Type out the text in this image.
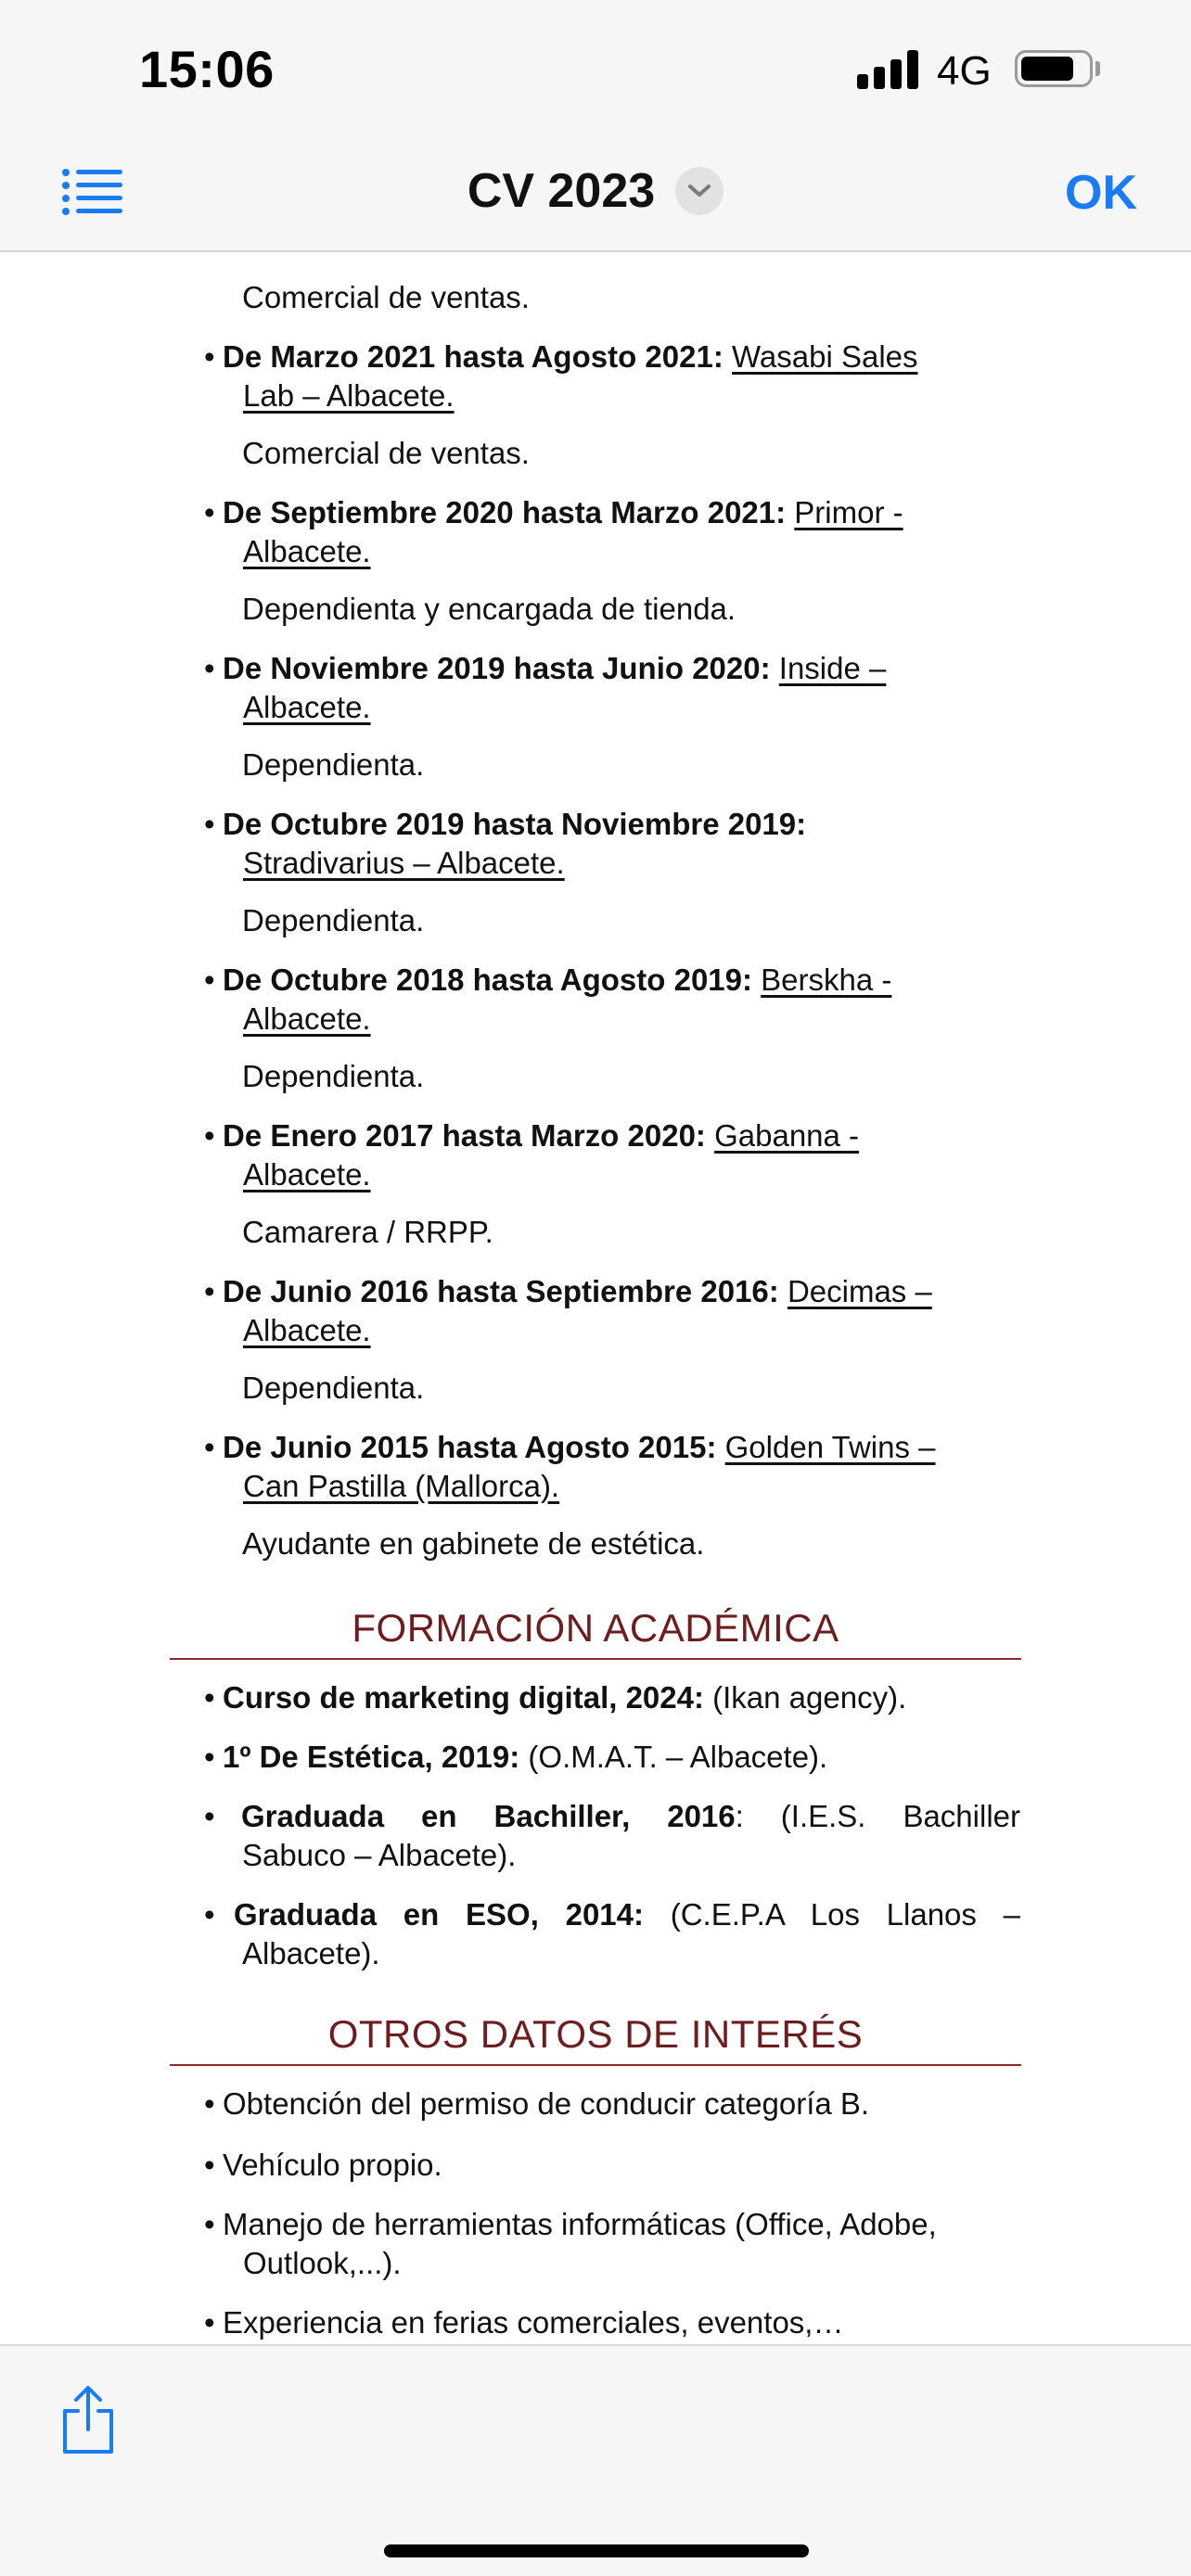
15:06	4G
CV 2023	OK
Comercial de ventas.
• De Marzo 2021 hasta Agosto 2021: Wasabi Sales
Lab – Albacete.
Comercial de ventas.
• De Septiembre 2020 hasta Marzo 2021: Primor -
Albacete.
Dependienta y encargada de tienda.
• De Noviembre 2019 hasta Junio 2020: Inside –
Albacete.
Dependienta.
• De Octubre 2019 hasta Noviembre 2019:
Stradivarius – Albacete.
Dependienta.
• De Octubre 2018 hasta Agosto 2019: Berskha -
Albacete.
Dependienta.
• De Enero 2017 hasta Marzo 2020: Gabanna -
Albacete.
Camarera / RRPP.
• De Junio 2016 hasta Septiembre 2016: Decimas –
Albacete.
Dependienta.
• De Junio 2015 hasta Agosto 2015: Golden Twins –
Can Pastilla (Mallorca).
Ayudante en gabinete de estética.
FORMACIÓN ACADÉMICA
• Curso de marketing digital, 2024: (Ikan agency).
• 1º De Estética, 2019: (O.M.A.T. – Albacete).
• Graduada en Bachiller, 2016: (I.E.S. Bachiller
Sabuco – Albacete).
• Graduada en ESO, 2014: (C.E.P.A Los Llanos –
Albacete).
OTROS DATOS DE INTERÉS
• Obtención del permiso de conducir categoría B.
• Vehículo propio.
• Manejo de herramientas informáticas (Office, Adobe,
Outlook,...).
• Experiencia en ferias comerciales, eventos,…
